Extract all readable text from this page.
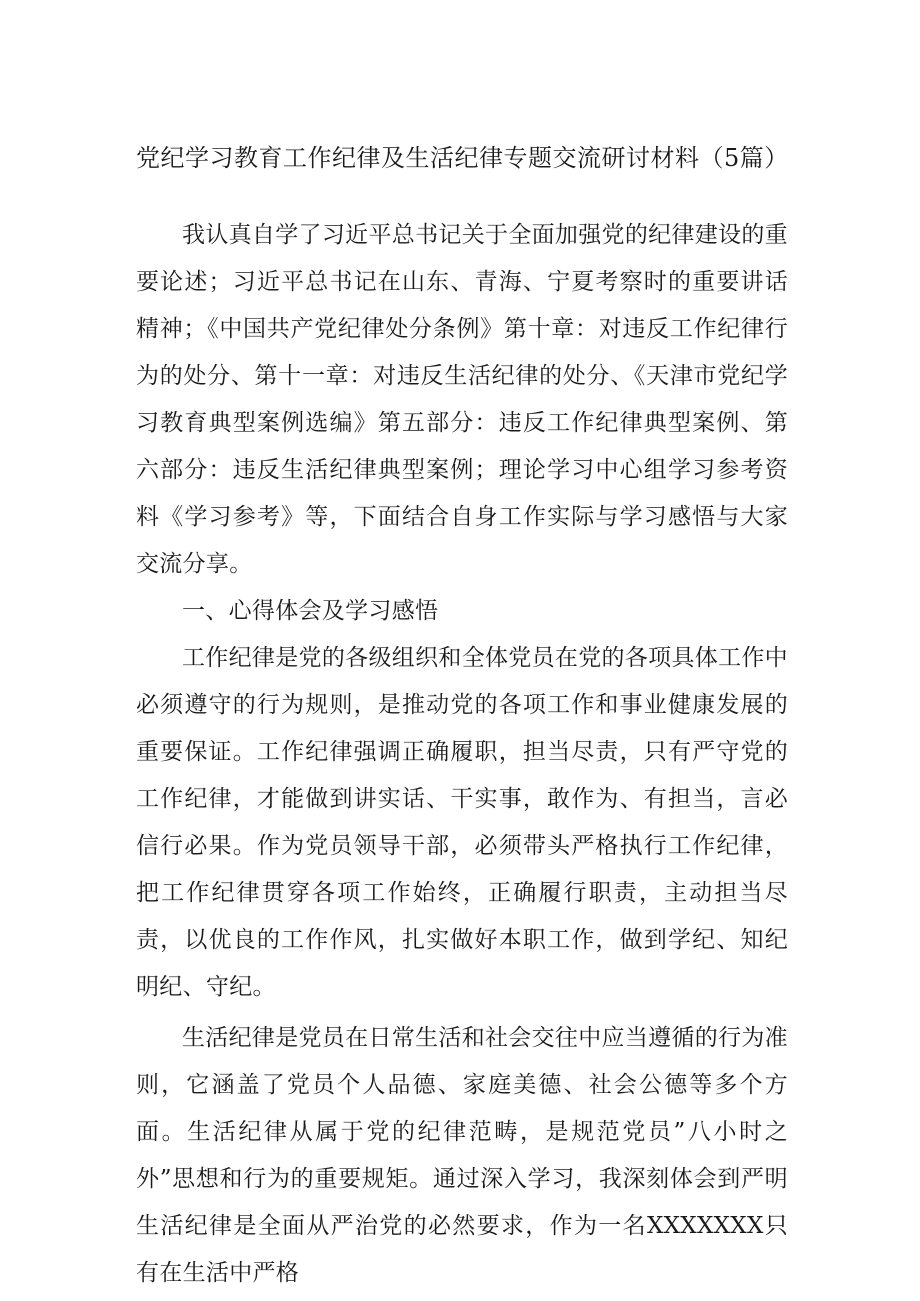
党纪学习教育工作纪律及生活纪律专题交流研讨材料（5篇）

我认真自学了习近平总书记关于全面加强党的纪律建设的重要论述；习近平总书记在山东、青海、宁夏考察时的重要讲话精神；《中国共产党纪律处分条例》第十章：对违反工作纪律行为的处分、第十一章：对违反生活纪律的处分、《天津市党纪学习教育典型案例选编》第五部分：违反工作纪律典型案例、第六部分：违反生活纪律典型案例；理论学习中心组学习参考资料《学习参考》等，下面结合自身工作实际与学习感悟与大家交流分享。

一、心得体会及学习感悟

工作纪律是党的各级组织和全体党员在党的各项具体工作中必须遵守的行为规则，是推动党的各项工作和事业健康发展的重要保证。工作纪律强调正确履职，担当尽责，只有严守党的工作纪律，才能做到讲实话、干实事，敢作为、有担当，言必信行必果。作为党员领导干部，必须带头严格执行工作纪律，把工作纪律贯穿各项工作始终，正确履行职责，主动担当尽责，以优良的工作作风，扎实做好本职工作，做到学纪、知纪明纪、守纪。

生活纪律是党员在日常生活和社会交往中应当遵循的行为准则，它涵盖了党员个人品德、家庭美德、社会公德等多个方面。生活纪律从属于党的纪律范畴，是规范党员”八小时之外”思想和行为的重要规矩。通过深入学习，我深刻体会到严明生活纪律是全面从严治党的必然要求，作为一名XXXXXXX只有在生活中严格
